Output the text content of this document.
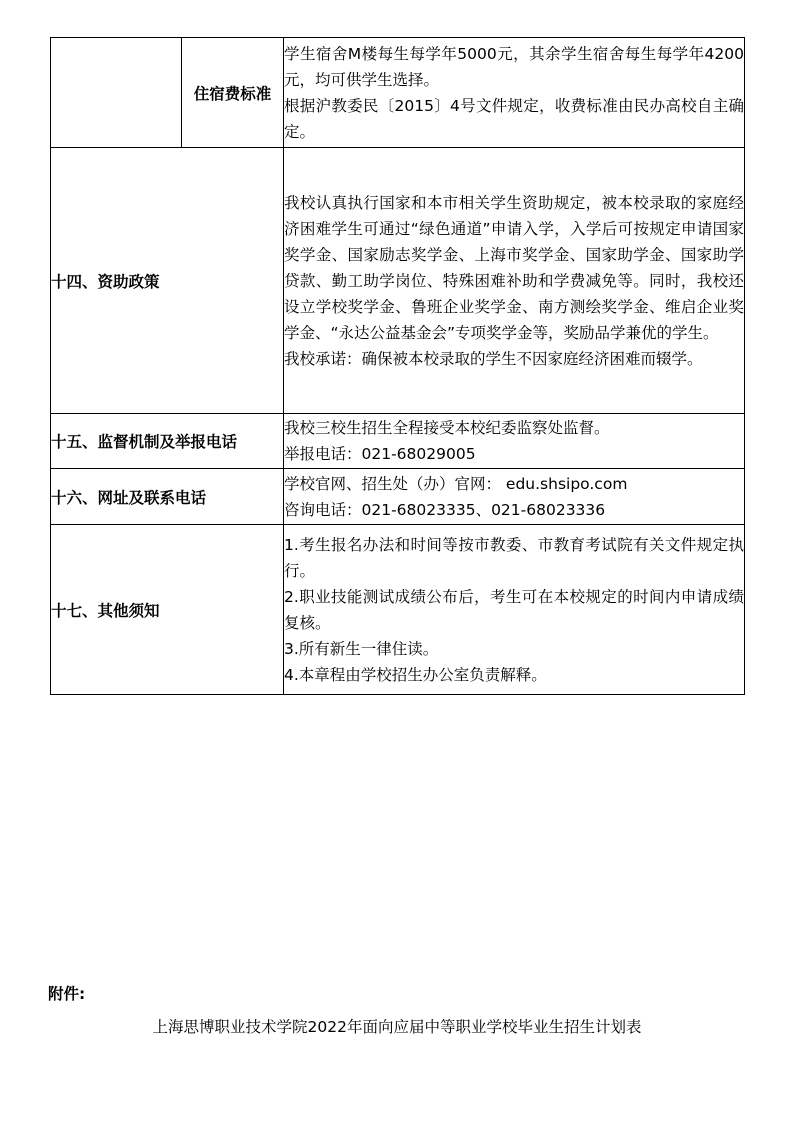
	住宿费标准	学生宿舍M楼每生每学年5000元，其余学生宿舍每生每学年4200元，均可供学生选择。

根据沪教委民〔2015〕4号文件规定，收费标准由民办高校自主确定。

十四、资助政策		我校认真执行国家和本市相关学生资助规定，被本校录取的家庭经济困难学生可通过“绿色通道”申请入学，入学后可按规定申请国家奖学金、国家励志奖学金、上海市奖学金、国家助学金、国家助学贷款、勤工助学岗位、特殊困难补助和学费减免等。同时，我校还设立学校奖学金、鲁班企业奖学金、南方测绘奖学金、维启企业奖学金、“永达公益基金会”专项奖学金等，奖励品学兼优的学生。

我校承诺：确保被本校录取的学生不因家庭经济困难而辍学。

十五、监督机制及举报电话		我校三校生招生全程接受本校纪委监察处监督。

举报电话：021-68029005

十六、网址及联系电话		学校官网、招生处（办）官网： edu.shsipo.com

咨询电话：021-68023335、021-68023336

十七、其他须知		1.考生报名办法和时间等按市教委、市教育考试院有关文件规定执行。

2.职业技能测试成绩公布后，考生可在本校规定的时间内申请成绩复核。

3.所有新生一律住读。

4.本章程由学校招生办公室负责解释。

附件:
上海思博职业技术学院2022年面向应届中等职业学校毕业生招生计划表
